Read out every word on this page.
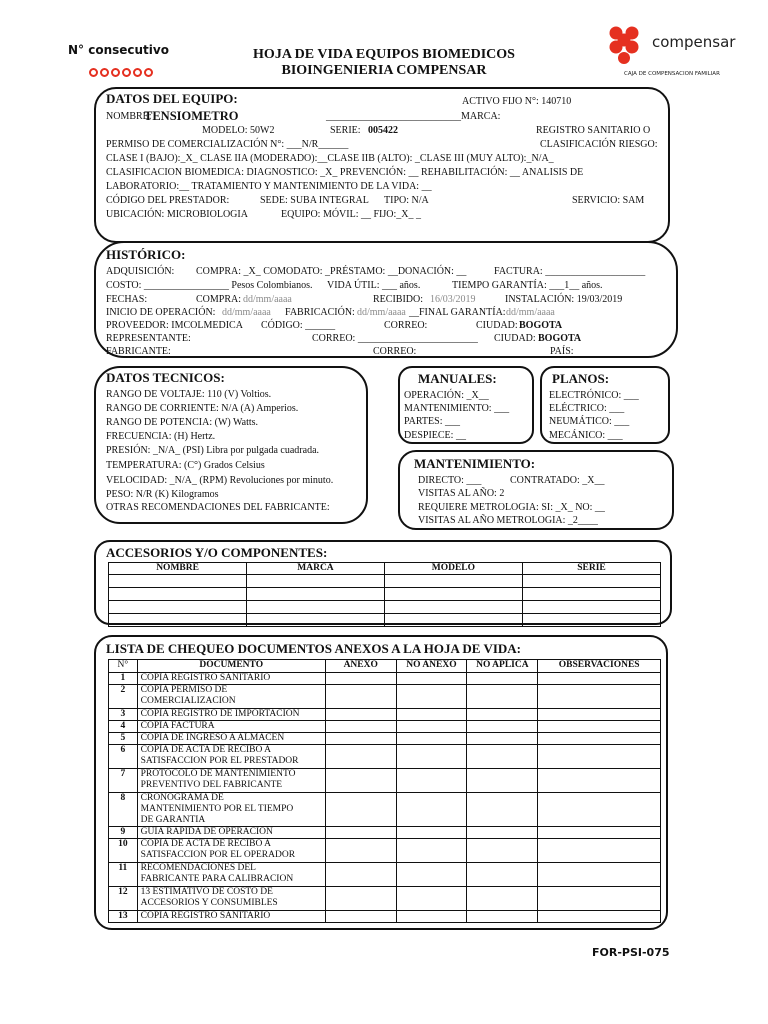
N° consecutivo	HOJA DE VIDA EQUIPOS BIOMEDICOS
BIOINGENIERIA COMPENSAR
compensar
CAJA DE COMPENSACION FAMILIAR
DATOS DEL EQUIPO:	ACTIVO FIJO N°: 140710
NOMBRE:
TENSIOMETRO	___________________________MARCA:
MODELO: 50W2	SERIE: 005422	REGISTRO SANITARIO O
PERMISO DE COMERCIALIZACIÓN N°: ___N/R______	CLASIFICACIÓN RIESGO:
CLASE I (BAJO):_X_ CLASE IIA (MODERADO):__CLASE IIB (ALTO): _CLASE III (MUY ALTO):_N/A_
CLASIFICACION BIOMEDICA: DIAGNOSTICO: _X_ PREVENCIÓN: __ REHABILITACIÓN: __ ANALISIS DE
LABORATORIO:__ TRATAMIENTO Y MANTENIMIENTO DE LA VIDA: __
CÓDIGO DEL PRESTADOR:	SEDE: SUBA INTEGRAL TIPO: N/A	SERVICIO: SAM
UBICACIÓN: MICROBIOLOGIA	EQUIPO: MÓVIL: __ FIJO:_X_ _
HISTÓRICO:
ADQUISICIÓN: COMPRA: _X_ COMODATO: _PRÉSTAMO: __DONACIÓN: __	FACTURA: ____________________
COSTO: _________________ Pesos Colombianos. VIDA ÚTIL: ___ años.	TIEMPO GARANTÍA: ___1__ años.
FECHAS:	COMPRA: dd/mm/aaaa	RECIBIDO: 16/03/2019	INSTALACIÓN: 19/03/2019
INICIO DE OPERACIÓN: dd/mm/aaaa FABRICACIÓN: dd/mm/aaaa __FINAL GARANTÍA: dd/mm/aaaa
PROVEEDOR: IMCOLMEDICA CÓDIGO: ______	CORREO:	CIUDAD: BOGOTA
REPRESENTANTE:	CORREO: ________________________ CIUDAD: BOGOTA
FABRICANTE:	CORREO:	PAÍS:
DATOS TECNICOS:
RANGO DE VOLTAJE: 110 (V) Voltios.
RANGO DE CORRIENTE: N/A (A) Amperios.
RANGO DE POTENCIA: (W) Watts.
FRECUENCIA: (H) Hertz.
PRESIÓN: _N/A_ (PSI) Libra por pulgada cuadrada.
TEMPERATURA: (C°) Grados Celsius
VELOCIDAD: _N/A_ (RPM) Revoluciones por minuto.
PESO: N/R (K) Kilogramos
OTRAS RECOMENDACIONES DEL FABRICANTE:
MANUALES:
OPERACIÓN: _X__
MANTENIMIENTO: ___
PARTES: ___
DESPIECE: __
PLANOS:
ELECTRÓNICO: ___
ELÉCTRICO: ___
NEUMÁTICO: ___
MECÁNICO: ___
MANTENIMIENTO:
DIRECTO: ___	CONTRATADO: _X__
VISITAS AL AÑO: 2
REQUIERE METROLOGIA: SI: _X_ NO: __
VISITAS AL AÑO METROLOGIA: _2____
ACCESORIOS Y/O COMPONENTES:
NOMBRE	MARCA	MODELO	SERIE

LISTA DE CHEQUEO DOCUMENTOS ANEXOS A LA HOJA DE VIDA:
N°	DOCUMENTO	ANEXO	NO ANEXO	NO APLICA	OBSERVACIONES
1	COPIA REGISTRO SANITARIO				
2	COPIA PERMISO DE COMERCIALIZACION				
3	COPIA REGISTRO DE IMPORTACION				
4	COPIA FACTURA				
5	COPIA DE INGRESO A ALMACEN				
6	COPIA DE ACTA DE RECIBO A SATISFACCION POR EL PRESTADOR				
7	PROTOCOLO DE MANTENIMIENTO PREVENTIVO DEL FABRICANTE				
8	CRONOGRAMA DE MANTENIMIENTO POR EL TIEMPO DE GARANTIA				
9	GUIA RAPIDA DE OPERACION				
10	COPIA DE ACTA DE RECIBO A SATISFACCION POR EL OPERADOR				
11	RECOMENDACIONES DEL FABRICANTE PARA CALIBRACION				
12	13 ESTIMATIVO DE COSTO DE ACCESORIOS Y CONSUMIBLES				
13	COPIA REGISTRO SANITARIO				
FOR-PSI-075
